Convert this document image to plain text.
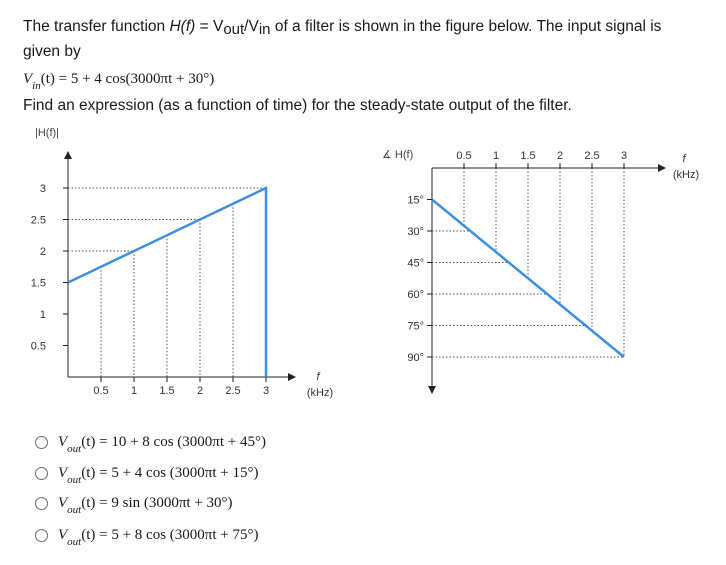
The transfer function H(f) = Vout/Vin of a filter is shown in the figure below. The input signal is
given by
$V_{in}(t) = 5 + 4$ cos(3000πt + 30°)
Find an expression (as a function of time) for the steady-state output of the filter.
|H(f)|
3
2.5
2
1.5
1
0.5
0.5 1 1.5 2 2.5 3
f
(kHz)
∡ H(f)
15°
30°
45°
60°
75°
90°
0.5 1 1.5 2 2.5 3	f
(kHz)
$V_{out}(t) = 10 + 8$ cos (3000πt + 45°)
$V_{out}(t) = 5 + 4$ cos (3000πt + 15°)
$V_{out}(t) = 9$ sin (3000πt + 30°)
$V_{out}(t) = 5 + 8$ cos (3000πt + 75°)
